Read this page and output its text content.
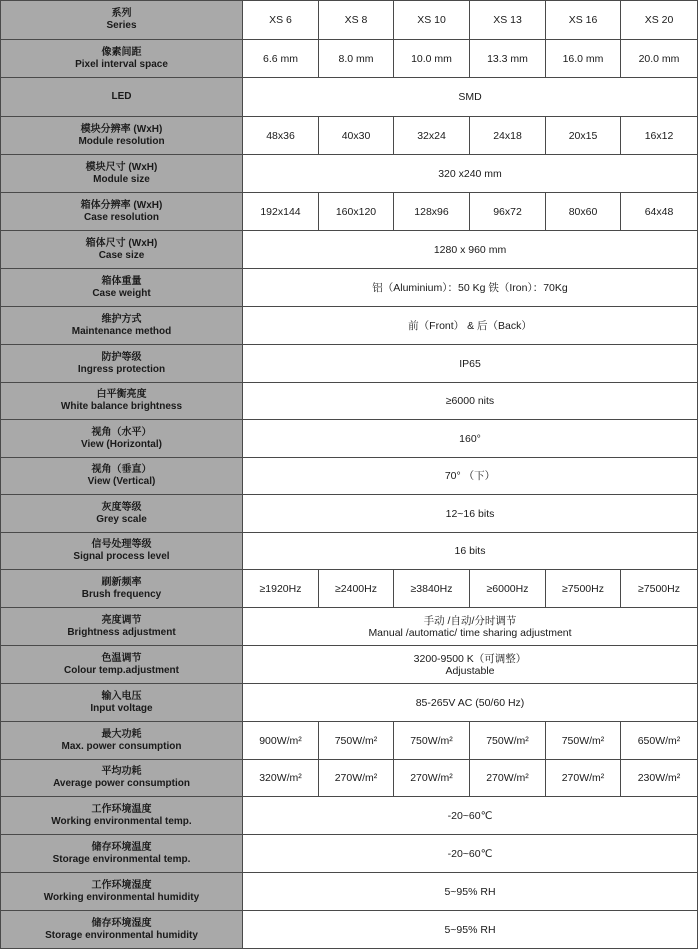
系列
Series	XS 6	XS 8	XS 10	XS 13	XS 16	XS 20

像素间距
Pixel interval space	6.6 mm	8.0 mm	10.0 mm	13.3 mm	16.0 mm	20.0 mm

LED	SMD					

模块分辨率 (WxH)
Module resolution	48x36	40x30	32x24	24x18	20x15	16x12

模块尺寸 (WxH)
Module size	320 x240 mm					

箱体分辨率 (WxH)
Case resolution	192x144	160x120	128x96	96x72	80x60	64x48

箱体尺寸 (WxH)
Case size	1280 x 960 mm					

箱体重量
Case weight	铝（Aluminium）：50 Kg 铁（Iron）：70Kg					

维护方式
Maintenance method	前（Front） & 后（Back）					

防护等级
Ingress protection	IP65					

白平衡亮度
White balance brightness	≥6000 nits					

视角（水平）
View (Horizontal)	160°					

视角（垂直）
View (Vertical)	70° （下）					

灰度等级
Grey scale	12~16 bits					

信号处理等级
Signal process level	16 bits					

刷新频率
Brush frequency	≥1920Hz	≥2400Hz	≥3840Hz	≥6000Hz	≥7500Hz	≥7500Hz

亮度调节
Brightness adjustment	手动 /自动/分时调节
Manual /automatic/ time sharing adjustment					

色温调节
Colour temp.adjustment	3200-9500 K（可调整）
Adjustable					

输入电压
Input voltage	85-265V AC (50/60 Hz)					

最大功耗
Max. power consumption	900W/m²	750W/m²	750W/m²	750W/m²	750W/m²	650W/m²

平均功耗
Average power consumption	320W/m²	270W/m²	270W/m²	270W/m²	270W/m²	230W/m²

工作环境温度
Working environmental temp.	-20~60℃					

储存环境温度
Storage environmental temp.	-20~60℃					

工作环境湿度
Working environmental humidity	5~95% RH					

储存环境湿度
Storage environmental humidity	5~95% RH					
